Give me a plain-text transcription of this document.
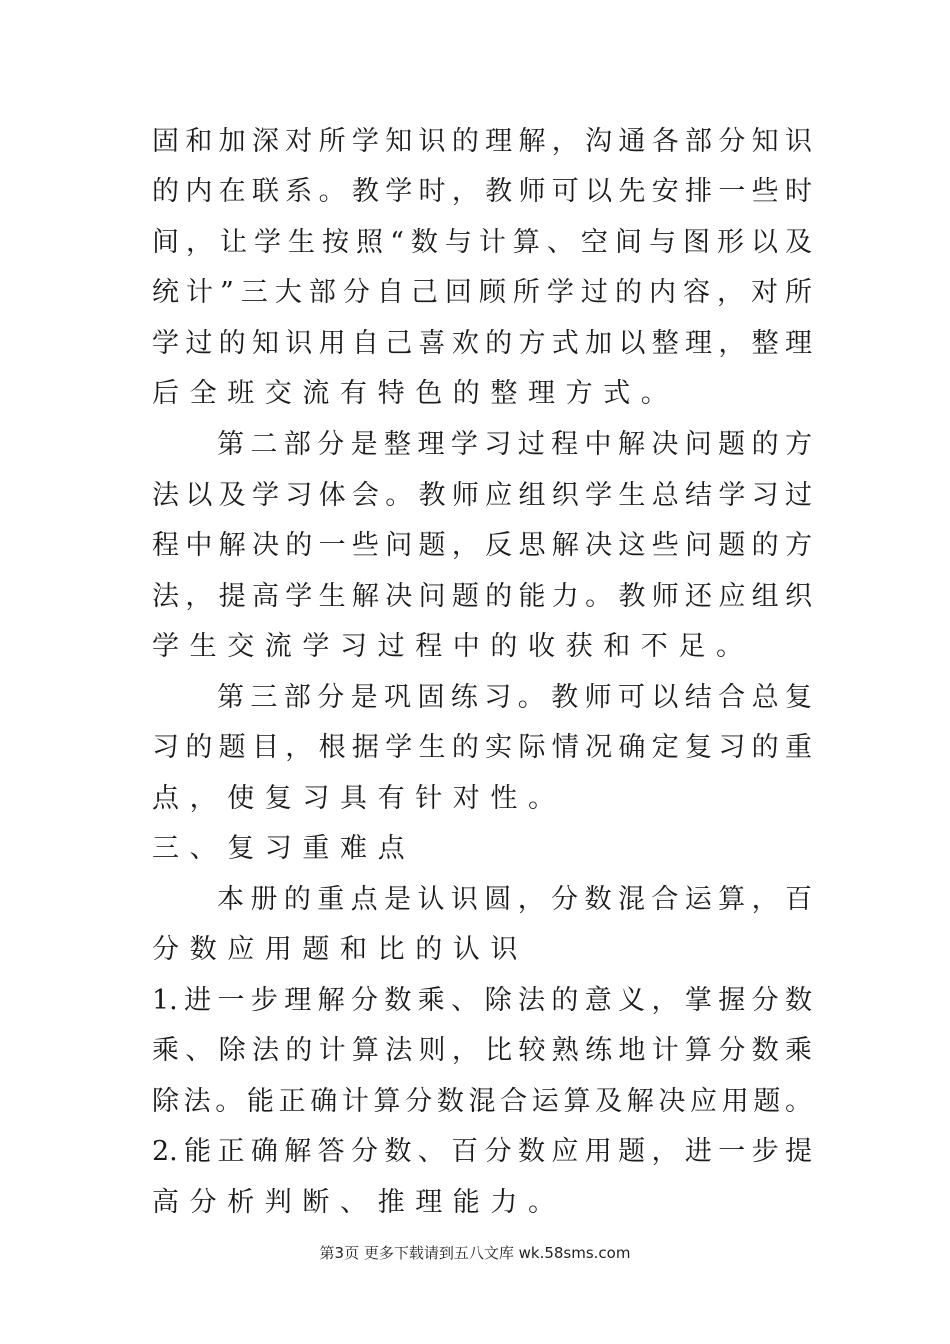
固和加深对所学知识的理解，沟通各部分知识
的内在联系。教学时，教师可以先安排一些时
间，让学生按照“数与计算、空间与图形以及
统计”三大部分自己回顾所学过的内容，对所
学过的知识用自己喜欢的方式加以整理，整理
后全班交流有特色的整理方式。
第二部分是整理学习过程中解决问题的方
法以及学习体会。教师应组织学生总结学习过
程中解决的一些问题，反思解决这些问题的方
法，提高学生解决问题的能力。教师还应组织
学生交流学习过程中的收获和不足。
第三部分是巩固练习。教师可以结合总复
习的题目，根据学生的实际情况确定复习的重
点，使复习具有针对性。
三、复习重难点
本册的重点是认识圆，分数混合运算，百
分数应用题和比的认识
1.进一步理解分数乘、除法的意义，掌握分数
乘、除法的计算法则，比较熟练地计算分数乘
除法。能正确计算分数混合运算及解决应用题。
2.能正确解答分数、百分数应用题，进一步提
高分析判断、推理能力。
第3页 更多下载请到五八文库 wk.58sms.com
